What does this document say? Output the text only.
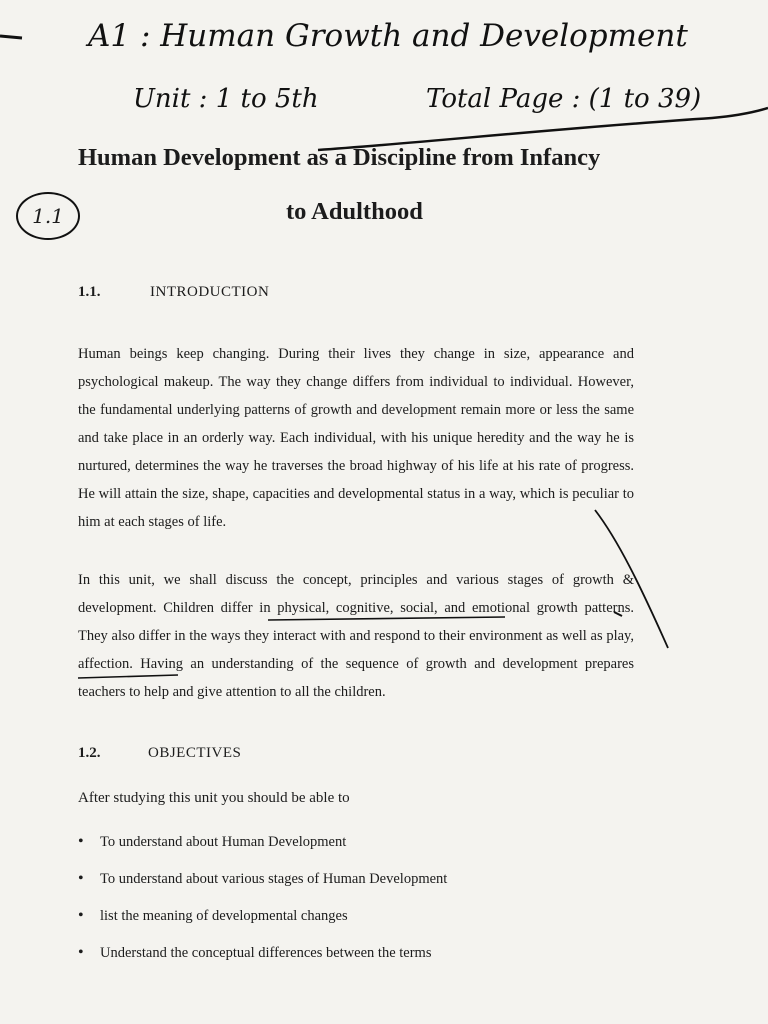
A1 : Human Growth and Development
Unit : 1 to 5th	Total Page : (1 to 39)
1.1
Human Development as a Discipline from Infancy
to Adulthood
1.1.	INTRODUCTION

Human beings keep changing. During their lives they change in size, appearance and psychological makeup. The way they change differs from individual to individual. However, the fundamental underlying patterns of growth and development remain more or less the same and take place in an orderly way. Each individual, with his unique heredity and the way he is nurtured, determines the way he traverses the broad highway of his life at his rate of progress. He will attain the size, shape, capacities and developmental status in a way, which is peculiar to him at each stages of life.

In this unit, we shall discuss the concept, principles and various stages of growth & development. Children differ in physical, cognitive, social, and emotional growth patterns. They also differ in the ways they interact with and respond to their environment as well as play, affection. Having an understanding of the sequence of growth and development prepares teachers to help and give attention to all the children.

1.2.	OBJECTIVES

After studying this unit you should be able to

• To understand about Human Development
• To understand about various stages of Human Development
• list the meaning of developmental changes
• Understand the conceptual differences between the terms
